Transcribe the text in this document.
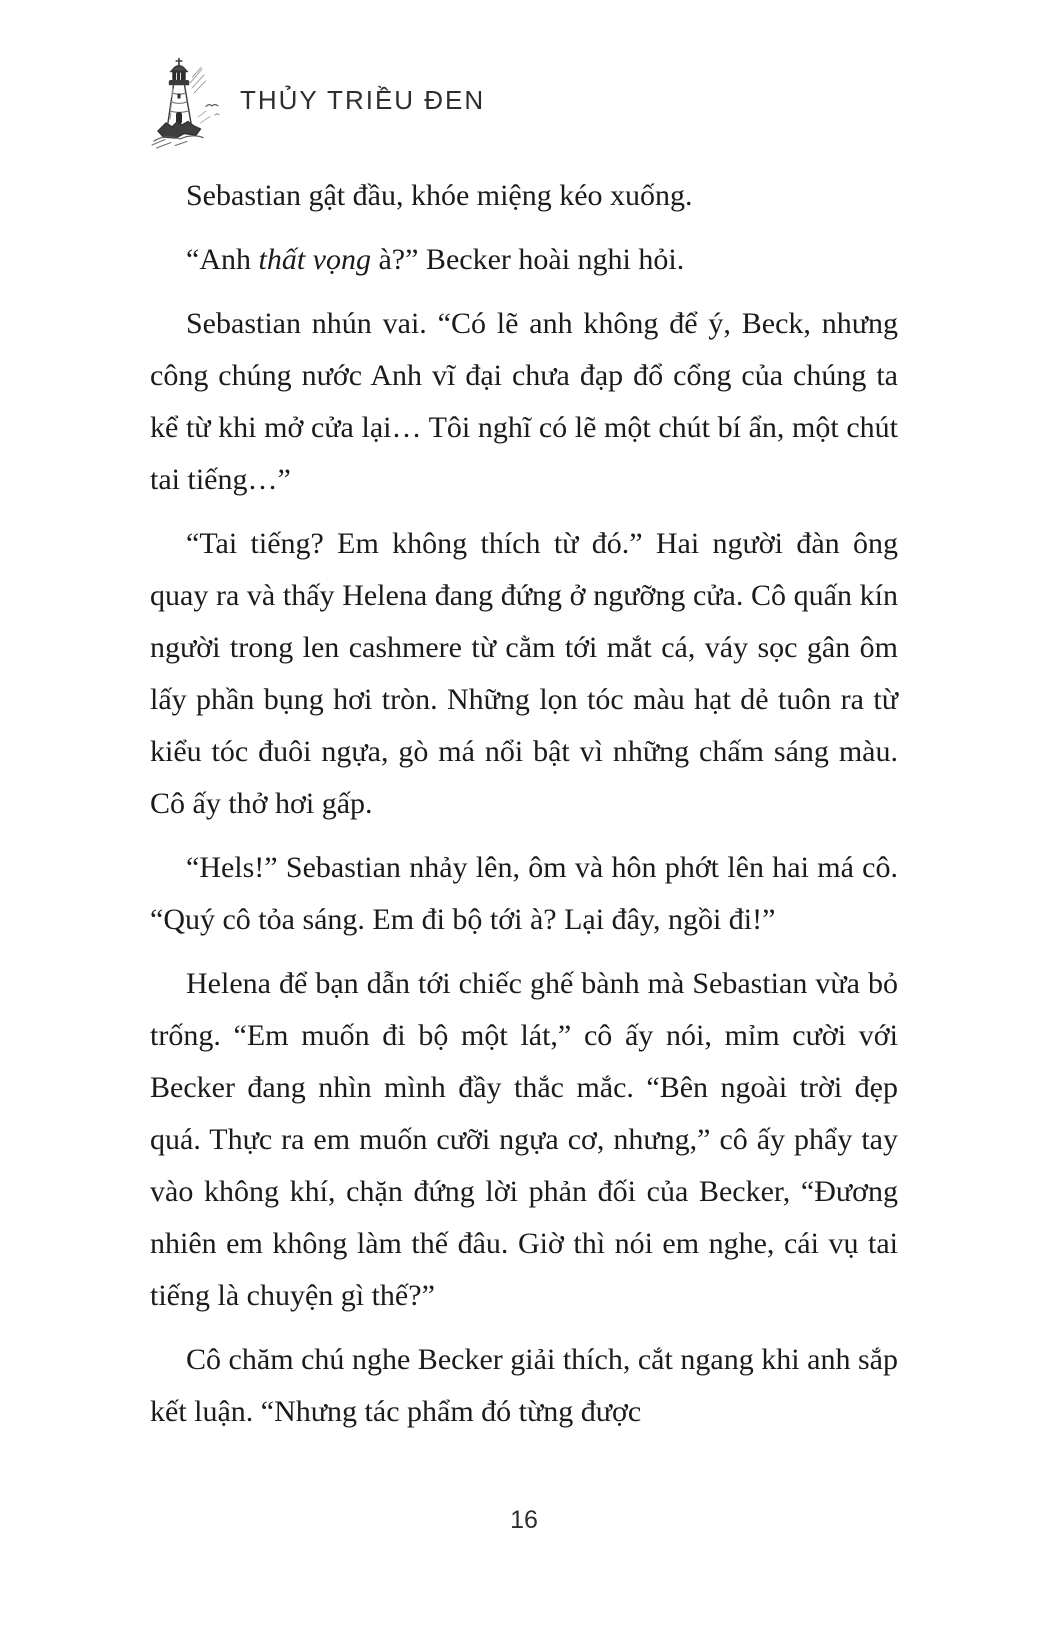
THỦY TRIỀU ĐEN

Sebastian gật đầu, khóe miệng kéo xuống.

“Anh thất vọng à?” Becker hoài nghi hỏi.

Sebastian nhún vai. “Có lẽ anh không để ý, Beck, nhưng công chúng nước Anh vĩ đại chưa đạp đổ cổng của chúng ta kể từ khi mở cửa lại… Tôi nghĩ có lẽ một chút bí ẩn, một chút tai tiếng…”

“Tai tiếng? Em không thích từ đó.” Hai người đàn ông quay ra và thấy Helena đang đứng ở ngưỡng cửa. Cô quấn kín người trong len cashmere từ cằm tới mắt cá, váy sọc gân ôm lấy phần bụng hơi tròn. Những lọn tóc màu hạt dẻ tuôn ra từ kiểu tóc đuôi ngựa, gò má nổi bật vì những chấm sáng màu. Cô ấy thở hơi gấp.

“Hels!” Sebastian nhảy lên, ôm và hôn phớt lên hai má cô. “Quý cô tỏa sáng. Em đi bộ tới à? Lại đây, ngồi đi!”

Helena để bạn dẫn tới chiếc ghế bành mà Sebastian vừa bỏ trống. “Em muốn đi bộ một lát,” cô ấy nói, mỉm cười với Becker đang nhìn mình đầy thắc mắc. “Bên ngoài trời đẹp quá. Thực ra em muốn cưỡi ngựa cơ, nhưng,” cô ấy phẩy tay vào không khí, chặn đứng lời phản đối của Becker, “Đương nhiên em không làm thế đâu. Giờ thì nói em nghe, cái vụ tai tiếng là chuyện gì thế?”

Cô chăm chú nghe Becker giải thích, cắt ngang khi anh sắp kết luận. “Nhưng tác phẩm đó từng được

16
